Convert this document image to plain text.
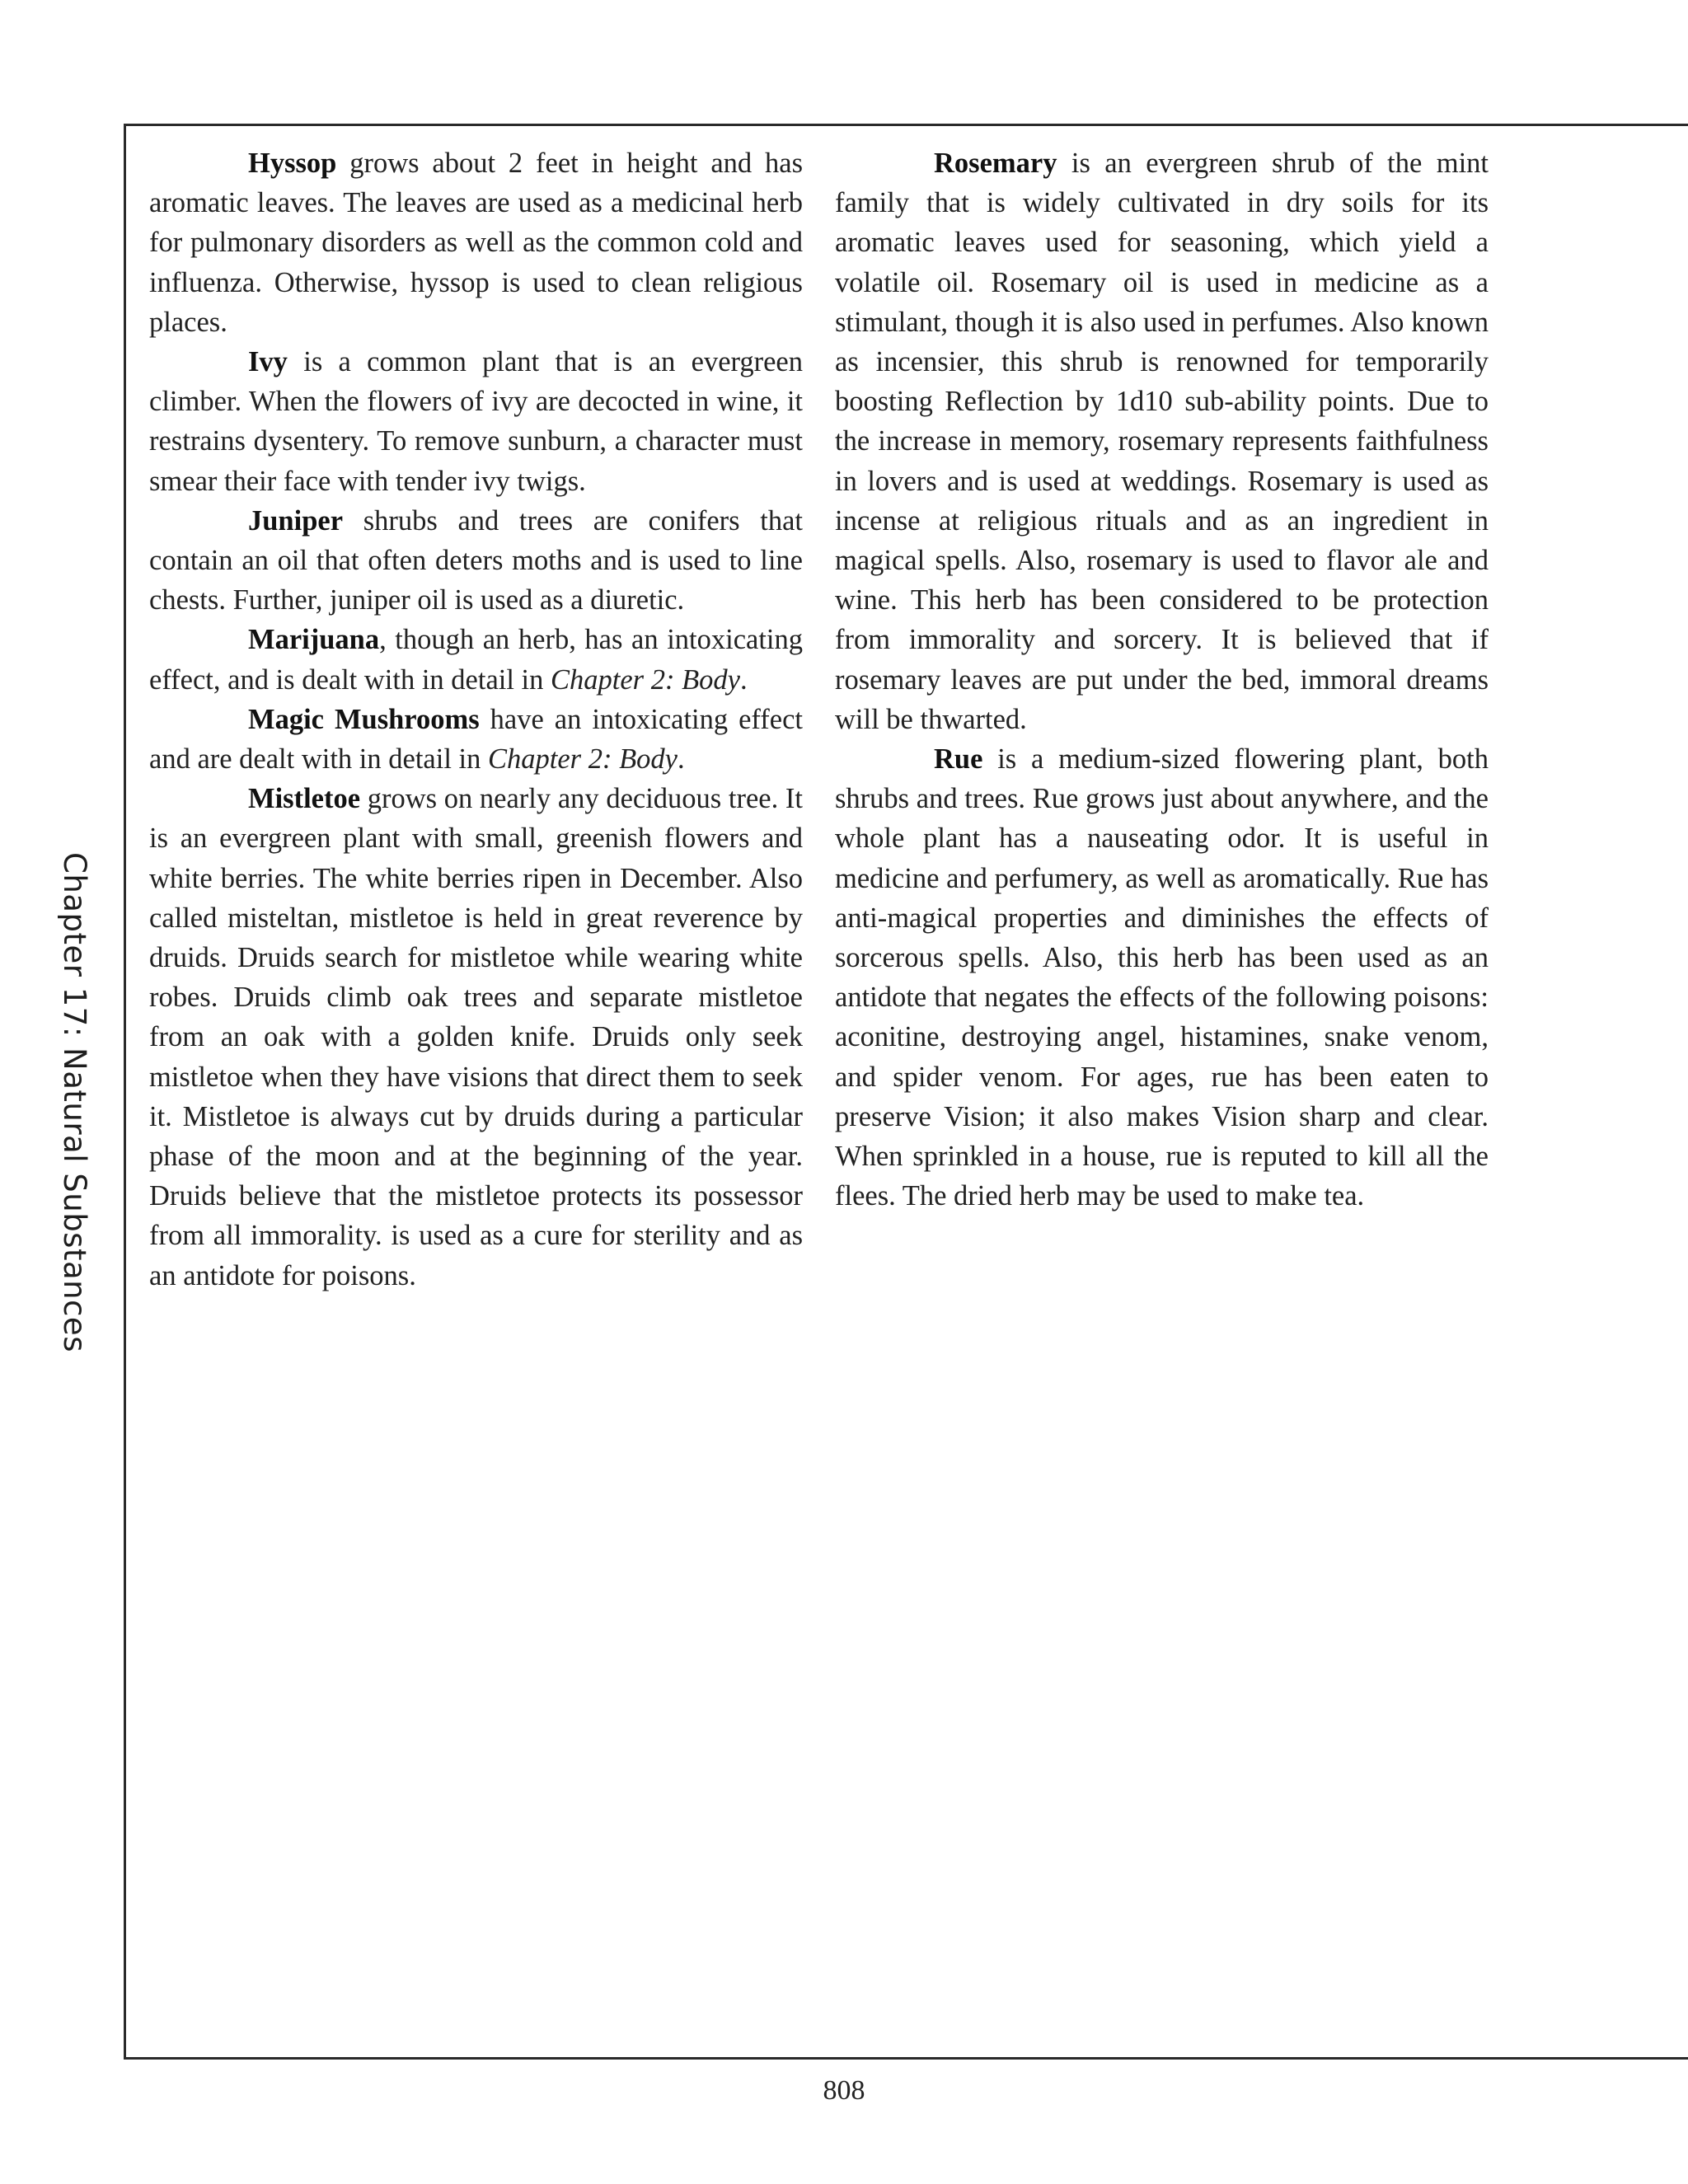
Chapter 17: Natural Substances

Hyssop grows about 2 feet in height and has aromatic leaves. The leaves are used as a medicinal herb for pulmonary disorders as well as the common cold and influenza. Otherwise, hyssop is used to clean religious places.

Ivy is a common plant that is an evergreen climber. When the flowers of ivy are decocted in wine, it restrains dysentery. To remove sunburn, a character must smear their face with tender ivy twigs.

Juniper shrubs and trees are conifers that contain an oil that often deters moths and is used to line chests. Further, juniper oil is used as a diuretic.

Marijuana, though an herb, has an intoxicating effect, and is dealt with in detail in Chapter 2: Body.

Magic Mushrooms have an intoxicating effect and are dealt with in detail in Chapter 2: Body.

Mistletoe grows on nearly any deciduous tree. It is an evergreen plant with small, greenish flowers and white berries. The white berries ripen in December. Also called misteltan, mistletoe is held in great reverence by druids. Druids search for mistletoe while wearing white robes. Druids climb oak trees and separate mistletoe from an oak with a golden knife. Druids only seek mistletoe when they have visions that direct them to seek it. Mistletoe is always cut by druids during a particular phase of the moon and at the beginning of the year. Druids believe that the mistletoe protects its possessor from all immorality. is used as a cure for sterility and as an antidote for poisons.

Rosemary is an evergreen shrub of the mint family that is widely cultivated in dry soils for its aromatic leaves used for seasoning, which yield a volatile oil. Rosemary oil is used in medicine as a stimulant, though it is also used in perfumes. Also known as incensier, this shrub is renowned for temporarily boosting Reflection by 1d10 sub-ability points. Due to the increase in memory, rosemary represents faithfulness in lovers and is used at weddings. Rosemary is used as incense at religious rituals and as an ingredient in magical spells. Also, rosemary is used to flavor ale and wine. This herb has been considered to be protection from immorality and sorcery. It is believed that if rosemary leaves are put under the bed, immoral dreams will be thwarted.

Rue is a medium-sized flowering plant, both shrubs and trees. Rue grows just about anywhere, and the whole plant has a nauseating odor. It is useful in medicine and perfumery, as well as aromatically. Rue has anti-magical properties and diminishes the effects of sorcerous spells. Also, this herb has been used as an antidote that negates the effects of the following poisons: aconitine, destroying angel, histamines, snake venom, and spider venom. For ages, rue has been eaten to preserve Vision; it also makes Vision sharp and clear. When sprinkled in a house, rue is reputed to kill all the flees. The dried herb may be used to make tea.

808
